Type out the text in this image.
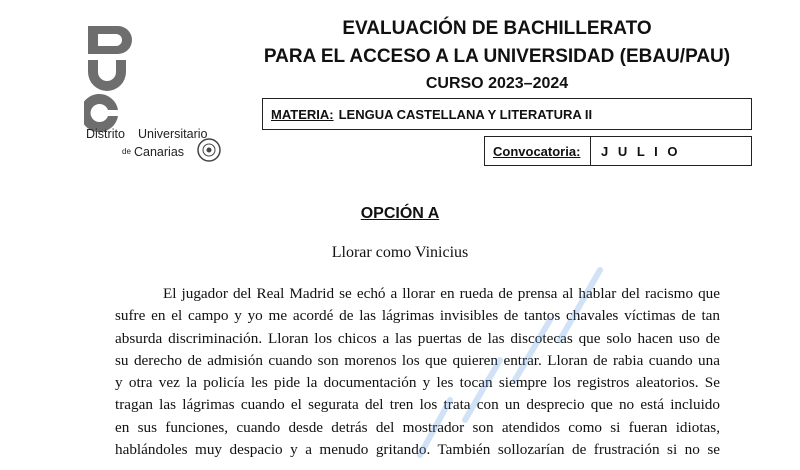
Distrito Universitario
de Canarias
EVALUACIÓN DE BACHILLERATO
PARA EL ACCESO A LA UNIVERSIDAD (EBAU/PAU)
CURSO 2023–2024
MATERIA: LENGUA CASTELLANA Y LITERATURA II
Convocatoria:	J U L I O
OPCIÓN A
Llorar como Vinicius
El jugador del Real Madrid se echó a llorar en rueda de prensa al hablar del racismo que
sufre en el campo y yo me acordé de las lágrimas invisibles de tantos chavales víctimas de tan
absurda discriminación. Lloran los chicos a las puertas de las discotecas que solo hacen uso de
su derecho de admisión cuando son morenos los que quieren entrar. Lloran de rabia cuando una
y otra vez la policía les pide la documentación y les tocan siempre los registros aleatorios. Se
tragan las lágrimas cuando el segurata del tren los trata con un desprecio que no está incluido
en sus funciones, cuando desde detrás del mostrador son atendidos como si fueran idiotas,
hablándoles muy despacio y a menudo gritando. También sollozarían de frustración si no se
